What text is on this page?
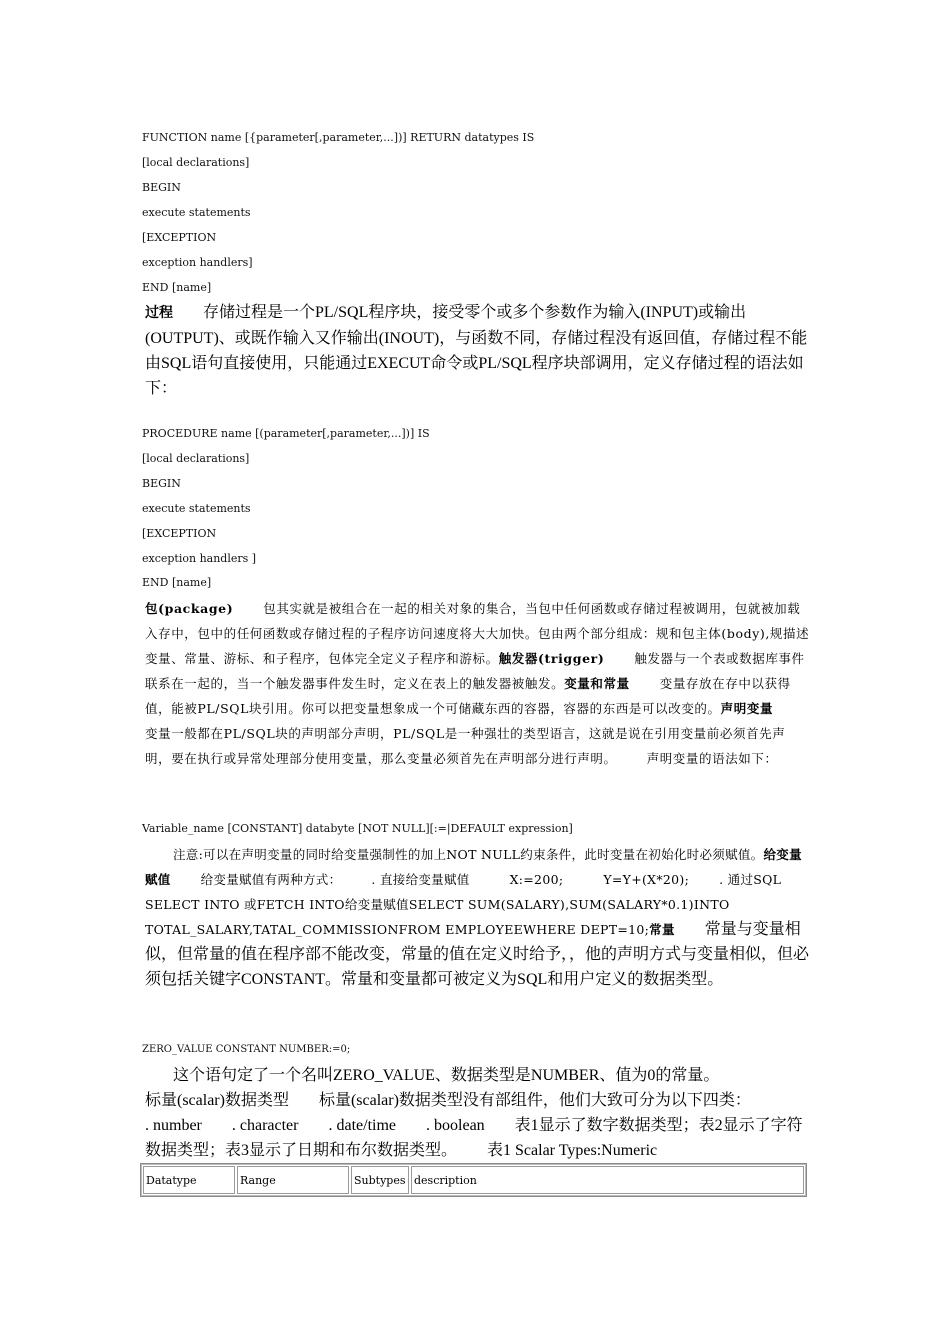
FUNCTION name [{parameter[,parameter,...])] RETURN datatypes IS
[local declarations]
BEGIN
execute statements
[EXCEPTION
exception handlers]
END [name]

过程 存储过程是一个PL/SQL程序块，接受零个或多个参数作为输入(INPUT)或输出(OUTPUT)、或既作输入又作输出(INOUT)，与函数不同，存储过程没有返回值，存储过程不能由SQL语句直接使用，只能通过EXECUT命令或PL/SQL程序块部调用，定义存储过程的语法如下：

PROCEDURE name [(parameter[,parameter,...])] IS
[local declarations]
BEGIN
execute statements
[EXCEPTION
exception handlers ]
END [name]

包(package) 包其实就是被组合在一起的相关对象的集合，当包中任何函数或存储过程被调用，包就被加载入存中，包中的任何函数或存储过程的子程序访问速度将大大加快。包由两个部分组成：规和包主体(body),规描述变量、常量、游标、和子程序，包体完全定义子程序和游标。触发器(trigger) 触发器与一个表或数据库事件联系在一起的，当一个触发器事件发生时，定义在表上的触发器被触发。变量和常量 变量存放在存中以获得值，能被PL/SQL块引用。你可以把变量想象成一个可储藏东西的容器，容器的东西是可以改变的。声明变量变量一般都在PL/SQL块的声明部分声明，PL/SQL是一种强壮的类型语言，这就是说在引用变量前必须首先声明，要在执行或异常处理部分使用变量，那么变量必须首先在声明部分进行声明。 声明变量的语法如下：

Variable_name [CONSTANT] databyte [NOT NULL][:=|DEFAULT expression]

注意:可以在声明变量的同时给变量强制性的加上NOT NULL约束条件，此时变量在初始化时必须赋值。给变量赋值 给变量赋值有两种方式： . 直接给变量赋值	X:=200;	Y=Y+(X*20); . 通过SQL SELECT INTO 或FETCH INTO给变量赋值SELECT SUM(SALARY),SUM(SALARY*0.1)INTO TOTAL_SALARY,TATAL_COMMISSIONFROM EMPLOYEEWHERE DEPT=10;常量 常量与变量相似，但常量的值在程序部不能改变，常量的值在定义时给予，，他的声明方式与变量相似，但必须包括关键字CONSTANT。常量和变量都可被定义为SQL和用户定义的数据类型。

ZERO_VALUE CONSTANT NUMBER:=0;

这个语句定了一个名叫ZERO_VALUE、数据类型是NUMBER、值为0的常量。
标量(scalar)数据类型 标量(scalar)数据类型没有部组件，他们大致可分为以下四类：
. number . character . date/time . boolean 表1显示了数字数据类型；表2显示了字符数据类型；表3显示了日期和布尔数据类型。 表1 Scalar Types:Numeric

Datatype	Range	Subtypes	description
